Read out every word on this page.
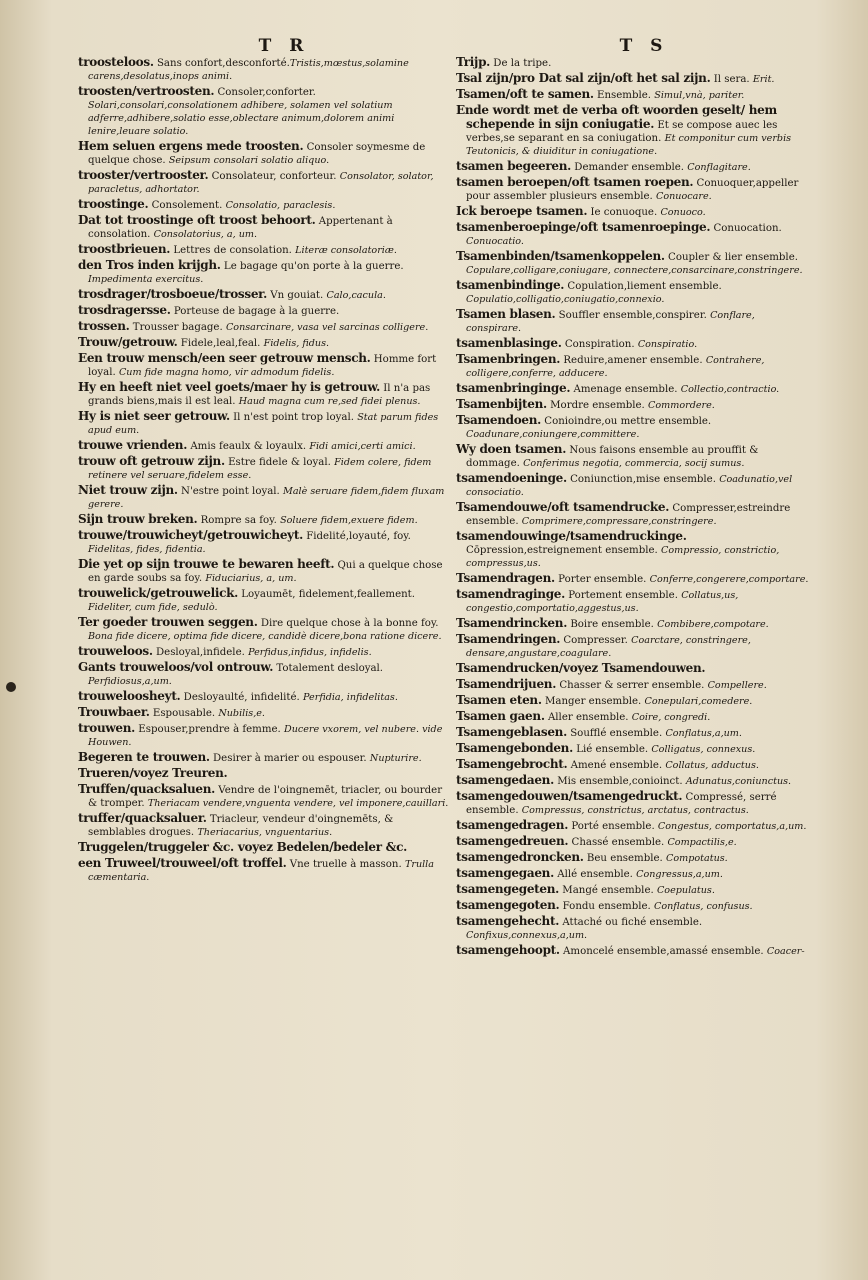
T R

troosteloos. Sans confort,desconforté.Tristis,mœstus,solamine carens,desolatus,inops animi.

troosten/vertroosten. Consoler,conforter. Solari,consolari,consolationem adhibere, solamen vel solatium adferre,adhibere,solatio esse,oblectare animum,dolorem animi lenire,leuare solatio.

Hem seluen ergens mede troosten. Consoler soymesme de quelque chose. Seipsum consolari solatio aliquo.

trooster/vertrooster. Consolateur, conforteur. Consolator, solator, paracletus, adhortator.

troostinge. Consolement. Consolatio, paraclesis.

Dat tot troostinge oft troost behoort. Appertenant à consolation. Consolatorius, a, um.

troostbrieuen. Lettres de consolation. Literæ consolatoriæ.

den Tros inden krijgh. Le bagage qu'on porte à la guerre. Impedimenta exercitus.

trosdrager/trosboeue/trosser. Vn gouiat. Calo,cacula.

trosdragersse. Porteuse de bagage à la guerre.

trossen. Trousser bagage. Consarcinare, vasa vel sarcinas colligere.

Trouw/getrouw. Fidele,leal,feal. Fidelis, fidus.

Een trouw mensch/een seer getrouw mensch. Homme fort loyal. Cum fide magna homo, vir admodum fidelis.

Hy en heeft niet veel goets/maer hy is getrouw. Il n'a pas grands biens,mais il est leal. Haud magna cum re,sed fidei plenus.

Hy is niet seer getrouw. Il n'est point trop loyal. Stat parum fides apud eum.

trouwe vrienden. Amis feaulx & loyaulx. Fidi amici,certi amici.

trouw oft getrouw zijn. Estre fidele & loyal. Fidem colere, fidem retinere vel seruare,fidelem esse.

Niet trouw zijn. N'estre point loyal. Malè seruare fidem,fidem fluxam gerere.

Sijn trouw breken. Rompre sa foy. Soluere fidem,exuere fidem.

trouwe/trouwicheyt/getrouwicheyt. Fidelité,loyauté, foy. Fidelitas, fides, fidentia.

Die yet op sijn trouwe te bewaren heeft. Qui a quelque chose en garde soubs sa foy. Fiduciarius, a, um.

trouwelick/getrouwelick. Loyaumēt, fidelement,feallement. Fideliter, cum fide, sedulò.

Ter goeder trouwen seggen. Dire quelque chose à la bonne foy. Bona fide dicere, optima fide dicere, candidè dicere,bona ratione dicere.

trouweloos. Desloyal,infidele. Perfidus,infidus, infidelis.

Gants trouweloos/vol ontrouw. Totalement desloyal. Perfidiosus,a,um.

trouweloosheyt. Desloyaulté, infidelité. Perfidia, infidelitas.

Trouwbaer. Espousable. Nubilis,e.

trouwen. Espouser,prendre à femme. Ducere vxorem, vel nubere. vide Houwen.

Begeren te trouwen. Desirer à marier ou espouser. Nupturire.

Trueren/voyez Treuren.

Truffen/quacksaluen. Vendre de l'oingnemēt, triacler, ou bourder & tromper. Theriacam vendere,vnguenta vendere, vel imponere,cauillari.

truffer/quacksaluer. Triacleur, vendeur d'oingnemēts, & semblables drogues. Theriacarius, vnguentarius.

Truggelen/truggeler &c. voyez Bedelen/bedeler &c.

een Truweel/trouweel/oft troffel. Vne truelle à masson. Trulla cæmentaria.

T S

Trijp. De la tripe.

Tsal zijn/pro Dat sal zijn/oft het sal zijn. Il sera. Erit.

Tsamen/oft te samen. Ensemble. Simul,vnà, pariter.

Ende wordt met de verba oft woorden geselt/ hem schepende in sijn coniugatie. Et se compose auec les verbes,se separant en sa coniugation. Et componitur cum verbis Teutonicis, & diuiditur in coniugatione.

tsamen begeeren. Demander ensemble. Conflagitare.

tsamen beroepen/oft tsamen roepen. Conuoquer,appeller pour assembler plusieurs ensemble. Conuocare.

Ick beroepe tsamen. Ie conuoque. Conuoco.

tsamenberoepinge/oft tsamenroepinge. Conuocation. Conuocatio.

Tsamenbinden/tsamenkoppelen. Coupler & lier ensemble. Copulare,colligare,coniugare, connectere,consarcinare,constringere.

tsamenbindinge. Copulation,liement ensemble. Copulatio,colligatio,coniugatio,connexio.

Tsamen blasen. Souffler ensemble,conspirer. Conflare, conspirare.

tsamenblasinge. Conspiration. Conspiratio.

Tsamenbringen. Reduire,amener ensemble. Contrahere, colligere,conferre, adducere.

tsamenbringinge. Amenage ensemble. Collectio,contractio.

Tsamenbijten. Mordre ensemble. Commordere.

Tsamendoen. Conioindre,ou mettre ensemble. Coadunare,coniungere,committere.

Wy doen tsamen. Nous faisons ensemble au prouffit & dommage. Conferimus negotia, commercia, socij sumus.

tsamendoeninge. Coniunction,mise ensemble. Coadunatio,vel consociatio.

Tsamendouwe/oft tsamendrucke. Compresser,estreindre ensemble. Comprimere,compressare,constringere.

tsamendouwinge/tsamendruckinge. Cōpression,estreignement ensemble. Compressio, constrictio, compressus,us.

Tsamendragen. Porter ensemble. Conferre,congerere,comportare.

tsamendraginge. Portement ensemble. Collatus,us, congestio,comportatio,aggestus,us.

Tsamendrincken. Boire ensemble. Combibere,compotare.

Tsamendringen. Compresser. Coarctare, constringere, densare,angustare,coagulare.

Tsamendrucken/voyez Tsamendouwen.

Tsamendrijuen. Chasser & serrer ensemble. Compellere.

Tsamen eten. Manger ensemble. Conepulari,comedere.

Tsamen gaen. Aller ensemble. Coire, congredi.

Tsamengeblasen. Soufflé ensemble. Conflatus,a,um.

Tsamengebonden. Lié ensemble. Colligatus, connexus.

Tsamengebrocht. Amené ensemble. Collatus, adductus.

tsamengedaen. Mis ensemble,conioinct. Adunatus,coniunctus.

tsamengedouwen/tsamengedruckt. Compressé, serré ensemble. Compressus, constrictus, arctatus, contractus.

tsamengedragen. Porté ensemble. Congestus, comportatus,a,um.

tsamengedreuen. Chassé ensemble. Compactilis,e.

tsamengedroncken. Beu ensemble. Compotatus.

tsamengegaen. Allé ensemble. Congressus,a,um.

tsamengegeten. Mangé ensemble. Coepulatus.

tsamengegoten. Fondu ensemble. Conflatus, confusus.

tsamengehecht. Attaché ou fiché ensemble. Confixus,connexus,a,um.

tsamengehoopt. Amoncelé ensemble,amassé ensemble. Coacer-
